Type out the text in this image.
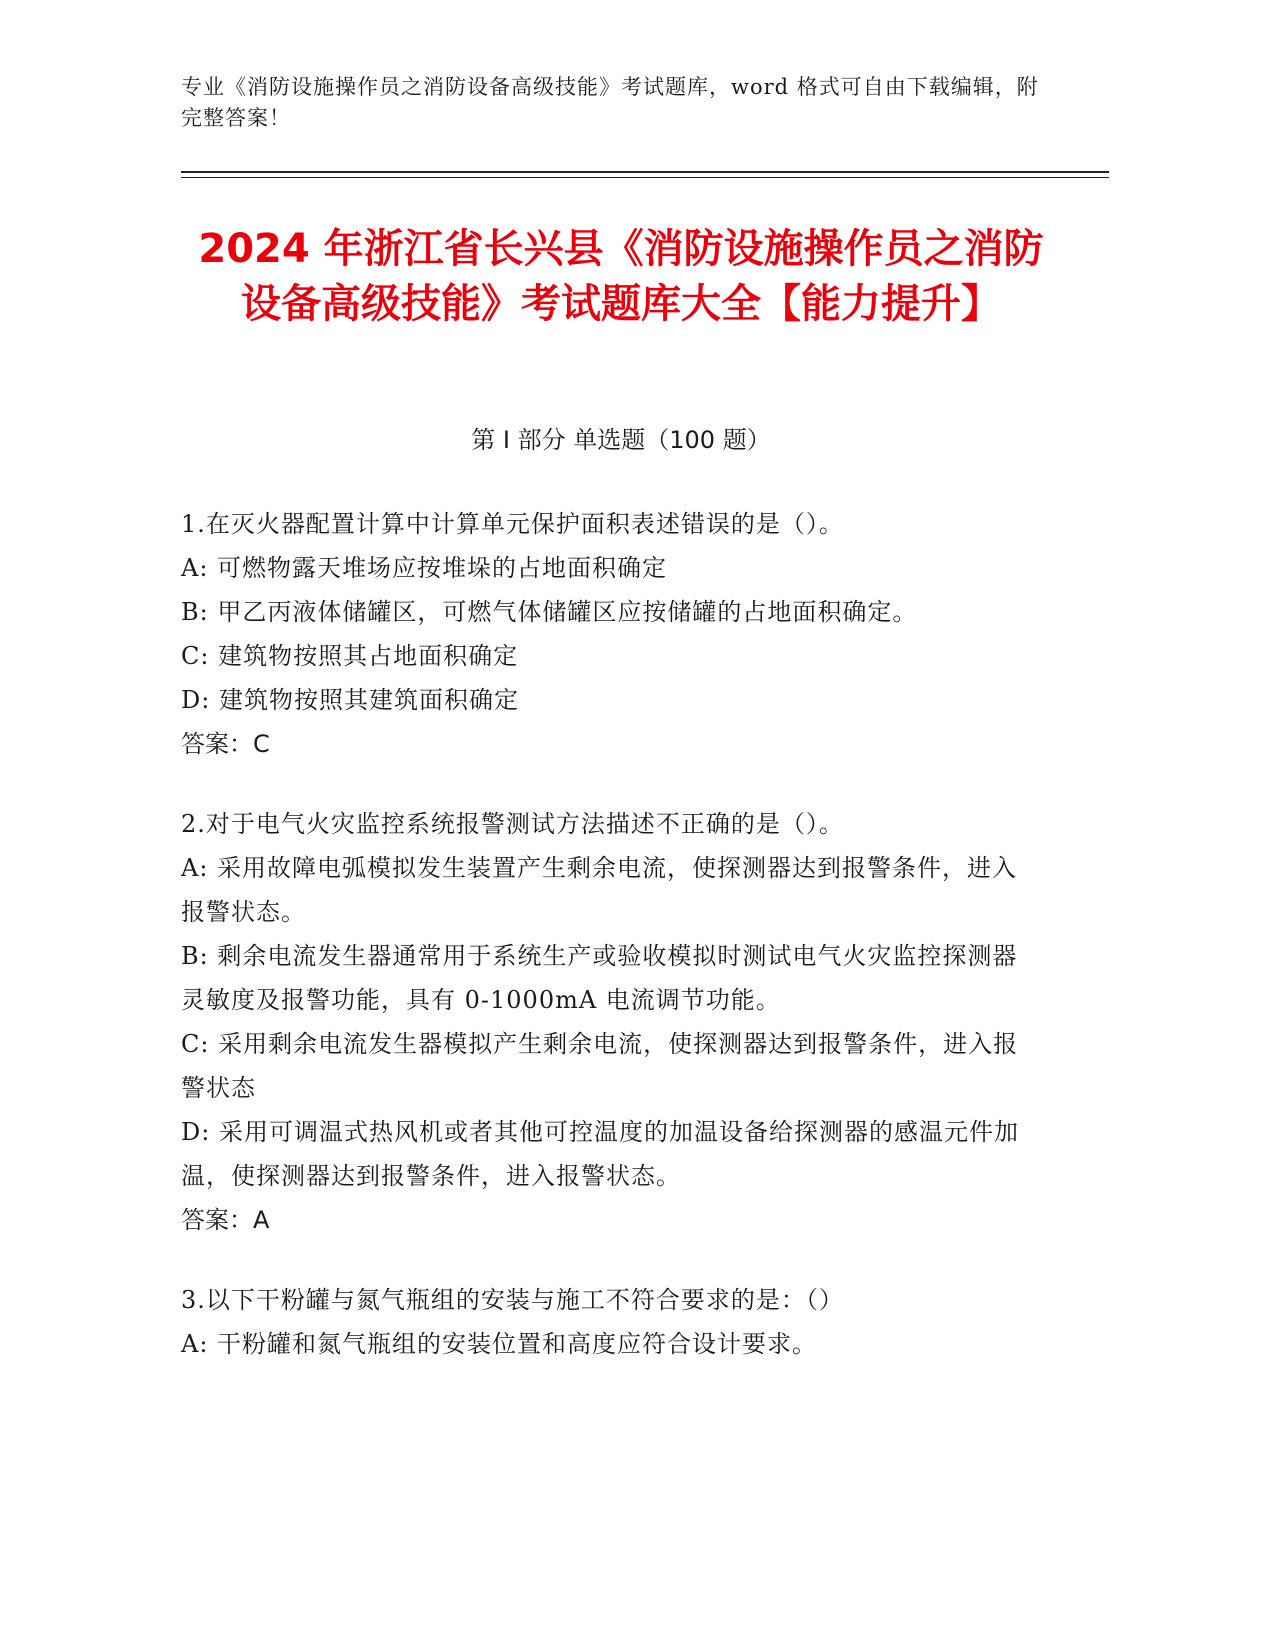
专业《消防设施操作员之消防设备高级技能》考试题库，word 格式可自由下载编辑，附完整答案！
2024 年浙江省长兴县《消防设施操作员之消防设备高级技能》考试题库大全【能力提升】
第 I 部分 单选题（100 题）
1.在灭火器配置计算中计算单元保护面积表述错误的是（）。
A: 可燃物露天堆场应按堆垛的占地面积确定
B: 甲乙丙液体储罐区，可燃气体储罐区应按储罐的占地面积确定。
C: 建筑物按照其占地面积确定
D: 建筑物按照其建筑面积确定
答案：C
2.对于电气火灾监控系统报警测试方法描述不正确的是（）。
A: 采用故障电弧模拟发生装置产生剩余电流，使探测器达到报警条件，进入报警状态。
B: 剩余电流发生器通常用于系统生产或验收模拟时测试电气火灾监控探测器灵敏度及报警功能，具有 0-1000mA 电流调节功能。
C: 采用剩余电流发生器模拟产生剩余电流，使探测器达到报警条件，进入报警状态
D: 采用可调温式热风机或者其他可控温度的加温设备给探测器的感温元件加温，使探测器达到报警条件，进入报警状态。
答案：A
3.以下干粉罐与氮气瓶组的安装与施工不符合要求的是：（）
A: 干粉罐和氮气瓶组的安装位置和高度应符合设计要求。
